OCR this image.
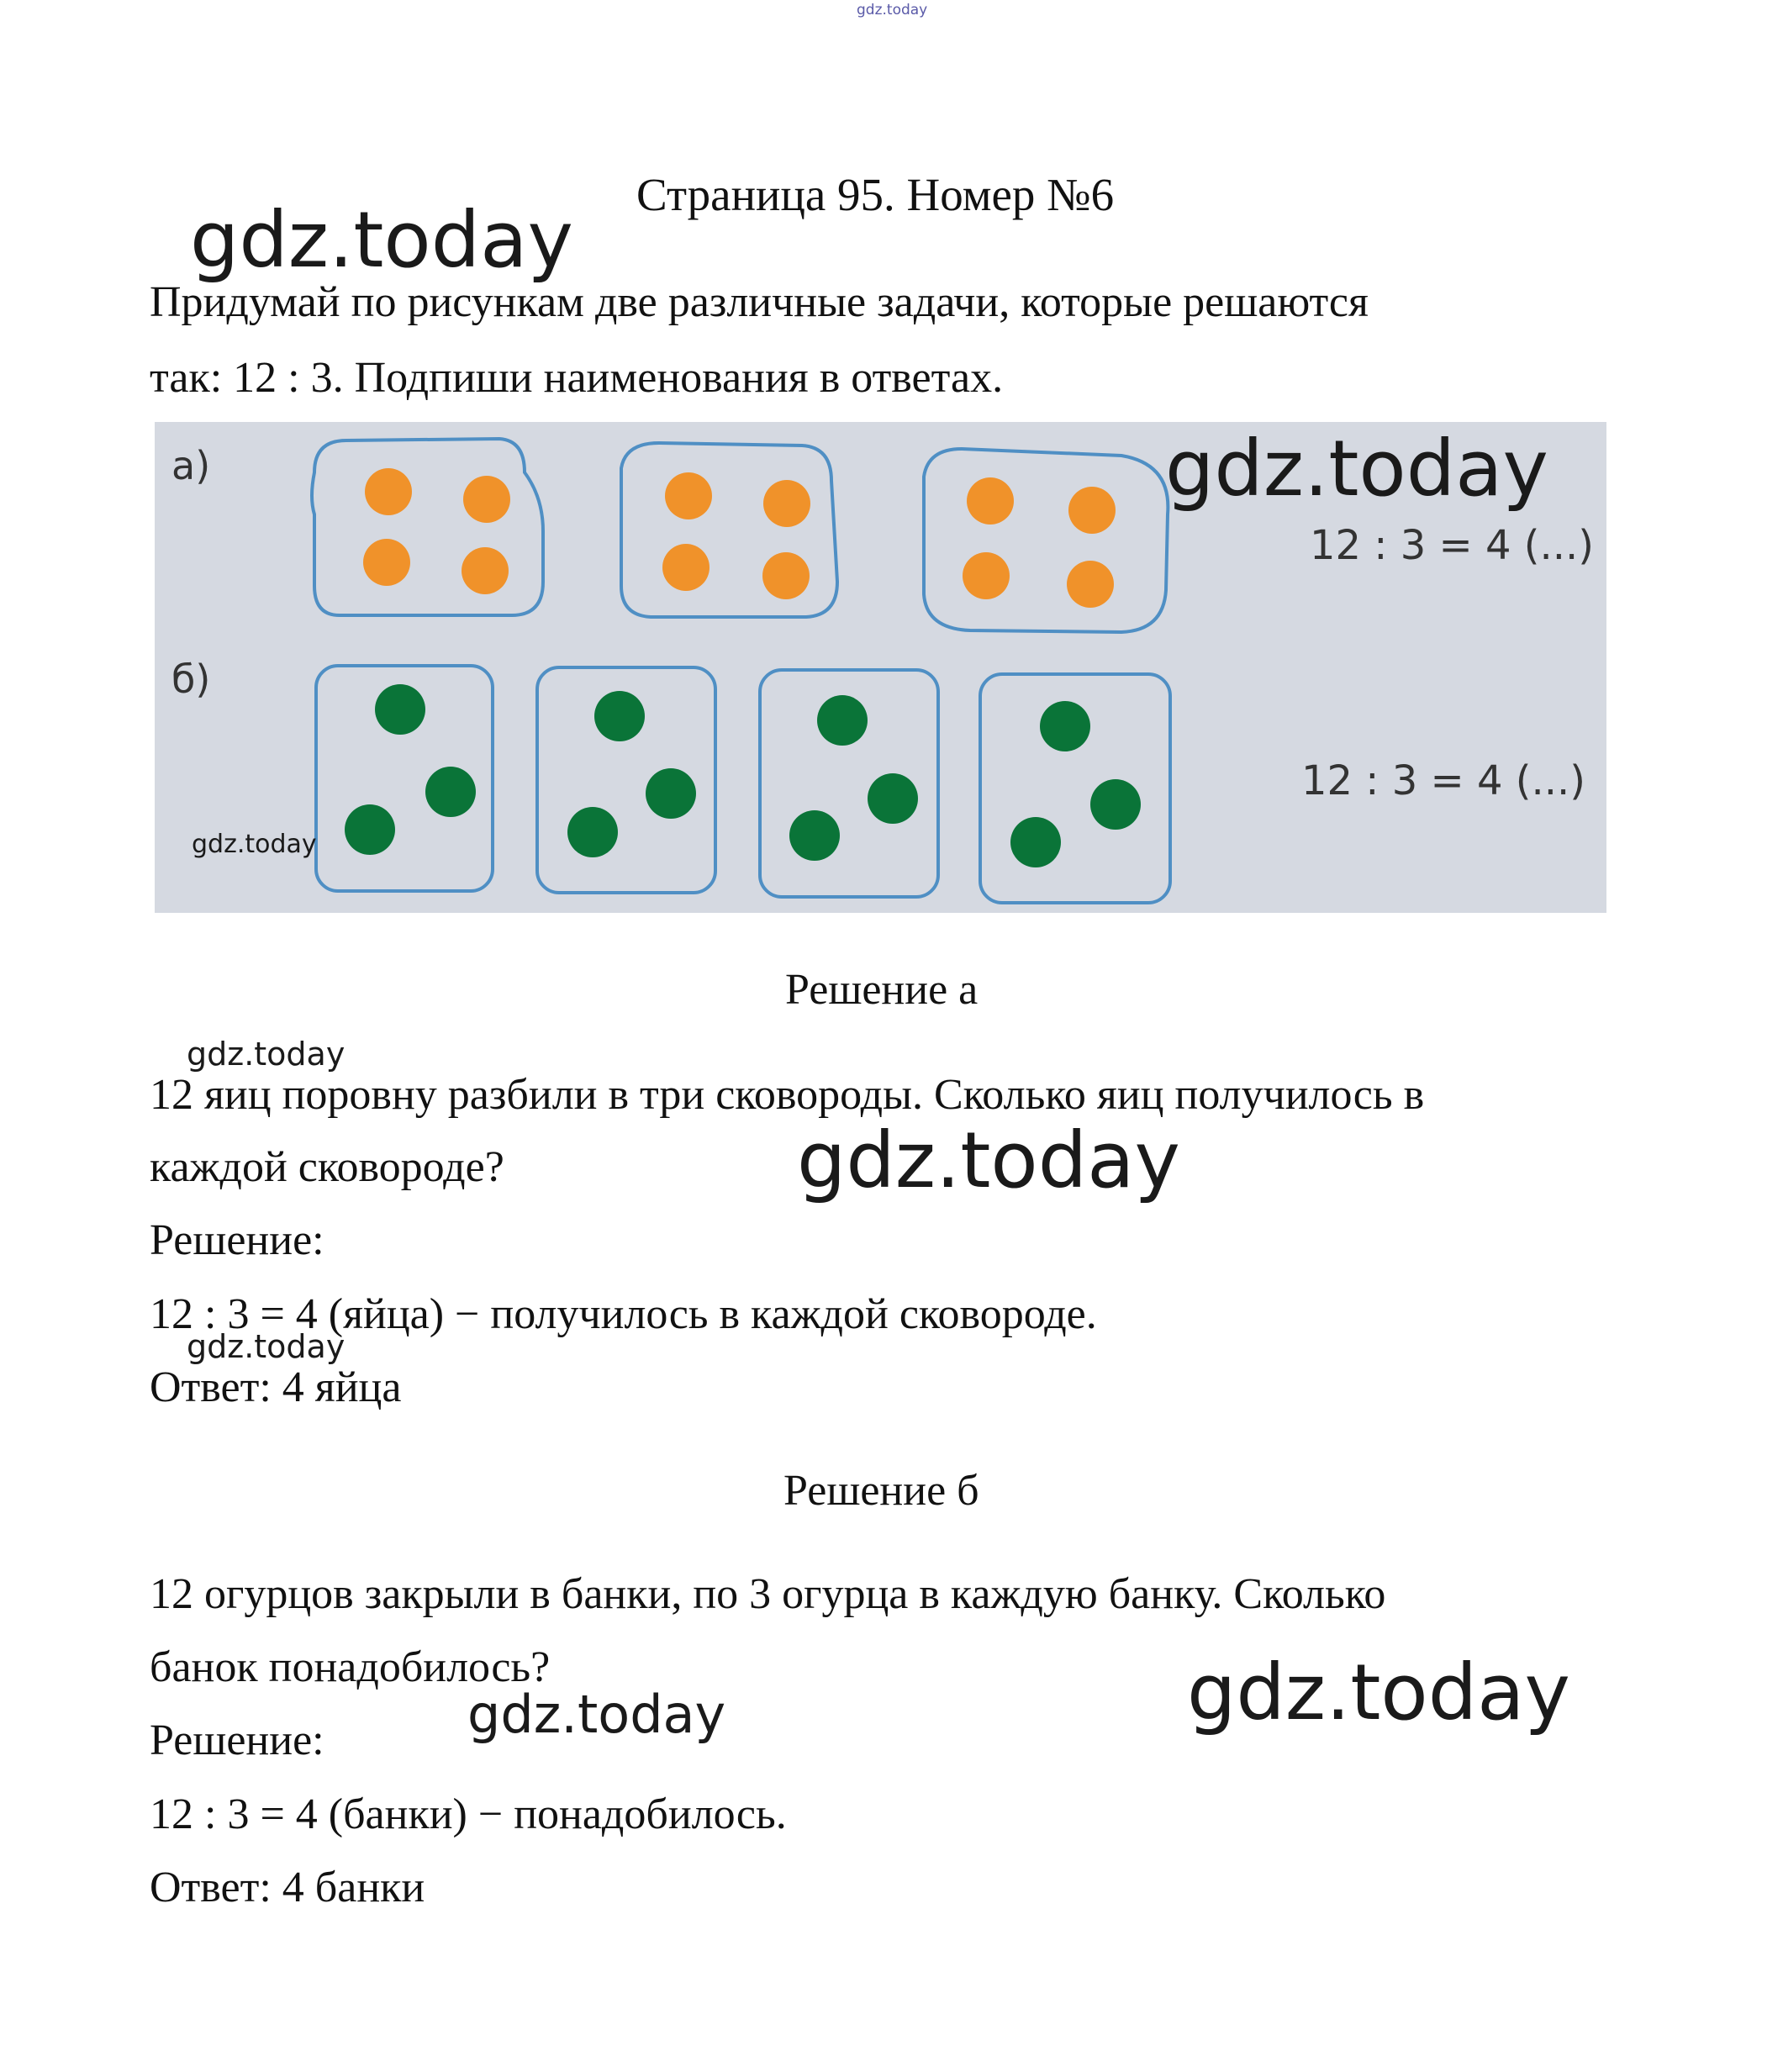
gdz.today
Страница 95. Номер №6
gdz.today
Придумай по рисункам две различные задачи, которые решаются
так: 12 : 3. Подпиши наименования в ответах.
а)
б)
12 : 3 = 4 (...)
12 : 3 = 4 (...)
gdz.today
gdz.today
Решение а
gdz.today
12 яиц поровну разбили в три сковороды. Сколько яиц получилось в
каждой сковороде?	gdz.today
Решение:
12 : 3 = 4 (яйца) − получилось в каждой сковороде.
gdz.today
Ответ: 4 яйца
Решение б
12 огурцов закрыли в банки, по 3 огурца в каждую банку. Сколько
банок понадобилось?	gdz.today
gdz.today
Решение:
12 : 3 = 4 (банки) − понадобилось.
Ответ: 4 банки
